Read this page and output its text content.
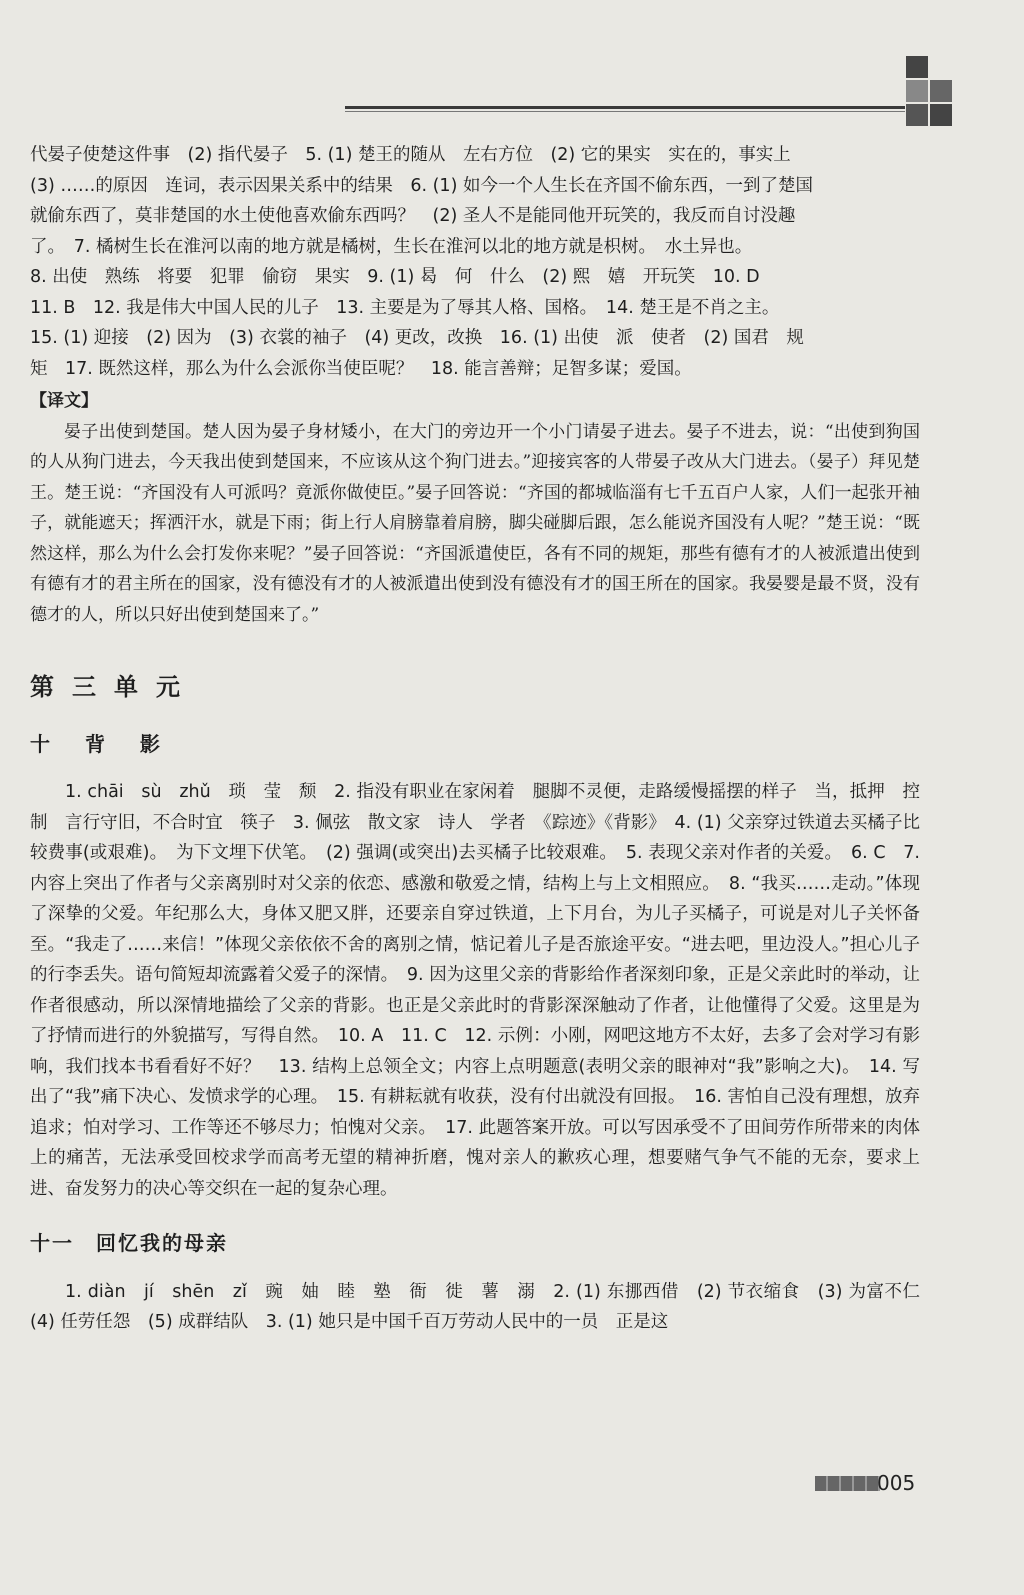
代晏子使楚这件事　(2) 指代晏子　5. (1) 楚王的随从　左右方位　(2) 它的果实　实在的，事实上

(3) ……的原因　连词，表示因果关系中的结果　6. (1) 如今一个人生长在齐国不偷东西，一到了楚国

就偷东西了，莫非楚国的水土使他喜欢偷东西吗？　(2) 圣人不是能同他开玩笑的，我反而自讨没趣

了。　7. 橘树生长在淮河以南的地方就是橘树，生长在淮河以北的地方就是枳树。　水土异也。

8. 出使　熟练　将要　犯罪　偷窃　果实　9. (1) 曷　何　什么　(2) 熙　嬉　开玩笑　10. D

11. B　12. 我是伟大中国人民的儿子　13. 主要是为了辱其人格、国格。　14. 楚王是不肖之主。

15. (1) 迎接　(2) 因为　(3) 衣裳的袖子　(4) 更改，改换　16. (1) 出使　派　使者　(2) 国君　规

矩　17. 既然这样，那么为什么会派你当使臣呢？　18. 能言善辩；足智多谋；爱国。

【译文】

晏子出使到楚国。楚人因为晏子身材矮小，在大门的旁边开一个小门请晏子进去。晏子不进去，说：“出使到狗国的人从狗门进去，今天我出使到楚国来，不应该从这个狗门进去。”迎接宾客的人带晏子改从大门进去。（晏子）拜见楚王。楚王说：“齐国没有人可派吗？竟派你做使臣。”晏子回答说：“齐国的都城临淄有七千五百户人家，人们一起张开袖子，就能遮天；挥洒汗水，就是下雨；街上行人肩膀靠着肩膀，脚尖碰脚后跟，怎么能说齐国没有人呢？”楚王说：“既然这样，那么为什么会打发你来呢？”晏子回答说：“齐国派遣使臣，各有不同的规矩，那些有德有才的人被派遣出使到有德有才的君主所在的国家，没有德没有才的人被派遣出使到没有德没有才的国王所在的国家。我晏婴是最不贤，没有德才的人，所以只好出使到楚国来了。”

第三单元

十 背 影

1. chāi　sù　zhǔ　琐　莹　颓　2. 指没有职业在家闲着　腿脚不灵便，走路缓慢摇摆的样子　当，抵押　控制　言行守旧，不合时宜　筷子　3. 佩弦　散文家　诗人　学者　《踪迹》《背影》　4. (1) 父亲穿过铁道去买橘子比较费事(或艰难)。　为下文埋下伏笔。　(2) 强调(或突出)去买橘子比较艰难。　5. 表现父亲对作者的关爱。　6. C　7. 内容上突出了作者与父亲离别时对父亲的依恋、感激和敬爱之情，结构上与上文相照应。　8. “我买……走动。”体现了深挚的父爱。年纪那么大，身体又肥又胖，还要亲自穿过铁道，上下月台，为儿子买橘子，可说是对儿子关怀备至。“我走了……来信！”体现父亲依依不舍的离别之情，惦记着儿子是否旅途平安。“进去吧，里边没人。”担心儿子的行李丢失。语句简短却流露着父爱子的深情。　9. 因为这里父亲的背影给作者深刻印象，正是父亲此时的举动，让作者很感动，所以深情地描绘了父亲的背影。也正是父亲此时的背影深深触动了作者，让他懂得了父爱。这里是为了抒情而进行的外貌描写，写得自然。　10. A　11. C　12. 示例：小刚，网吧这地方不太好，去多了会对学习有影响，我们找本书看看好不好？　13. 结构上总领全文；内容上点明题意(表明父亲的眼神对“我”影响之大)。　14. 写出了“我”痛下决心、发愤求学的心理。　15. 有耕耘就有收获，没有付出就没有回报。　16. 害怕自己没有理想，放弃追求；怕对学习、工作等还不够尽力；怕愧对父亲。　17. 此题答案开放。可以写因承受不了田间劳作所带来的肉体上的痛苦，无法承受回校求学而高考无望的精神折磨，愧对亲人的歉疚心理，想要赌气争气不能的无奈，要求上进、奋发努力的决心等交织在一起的复杂心理。

十一　回忆我的母亲

1. diàn　jí　shēn　zǐ　豌　妯　睦　塾　衙　徙　薯　溺　2. (1) 东挪西借　(2) 节衣缩食　(3) 为富不仁　(4) 任劳任怨　(5) 成群结队　3. (1) 她只是中国千百万劳动人民中的一员　正是这

005
